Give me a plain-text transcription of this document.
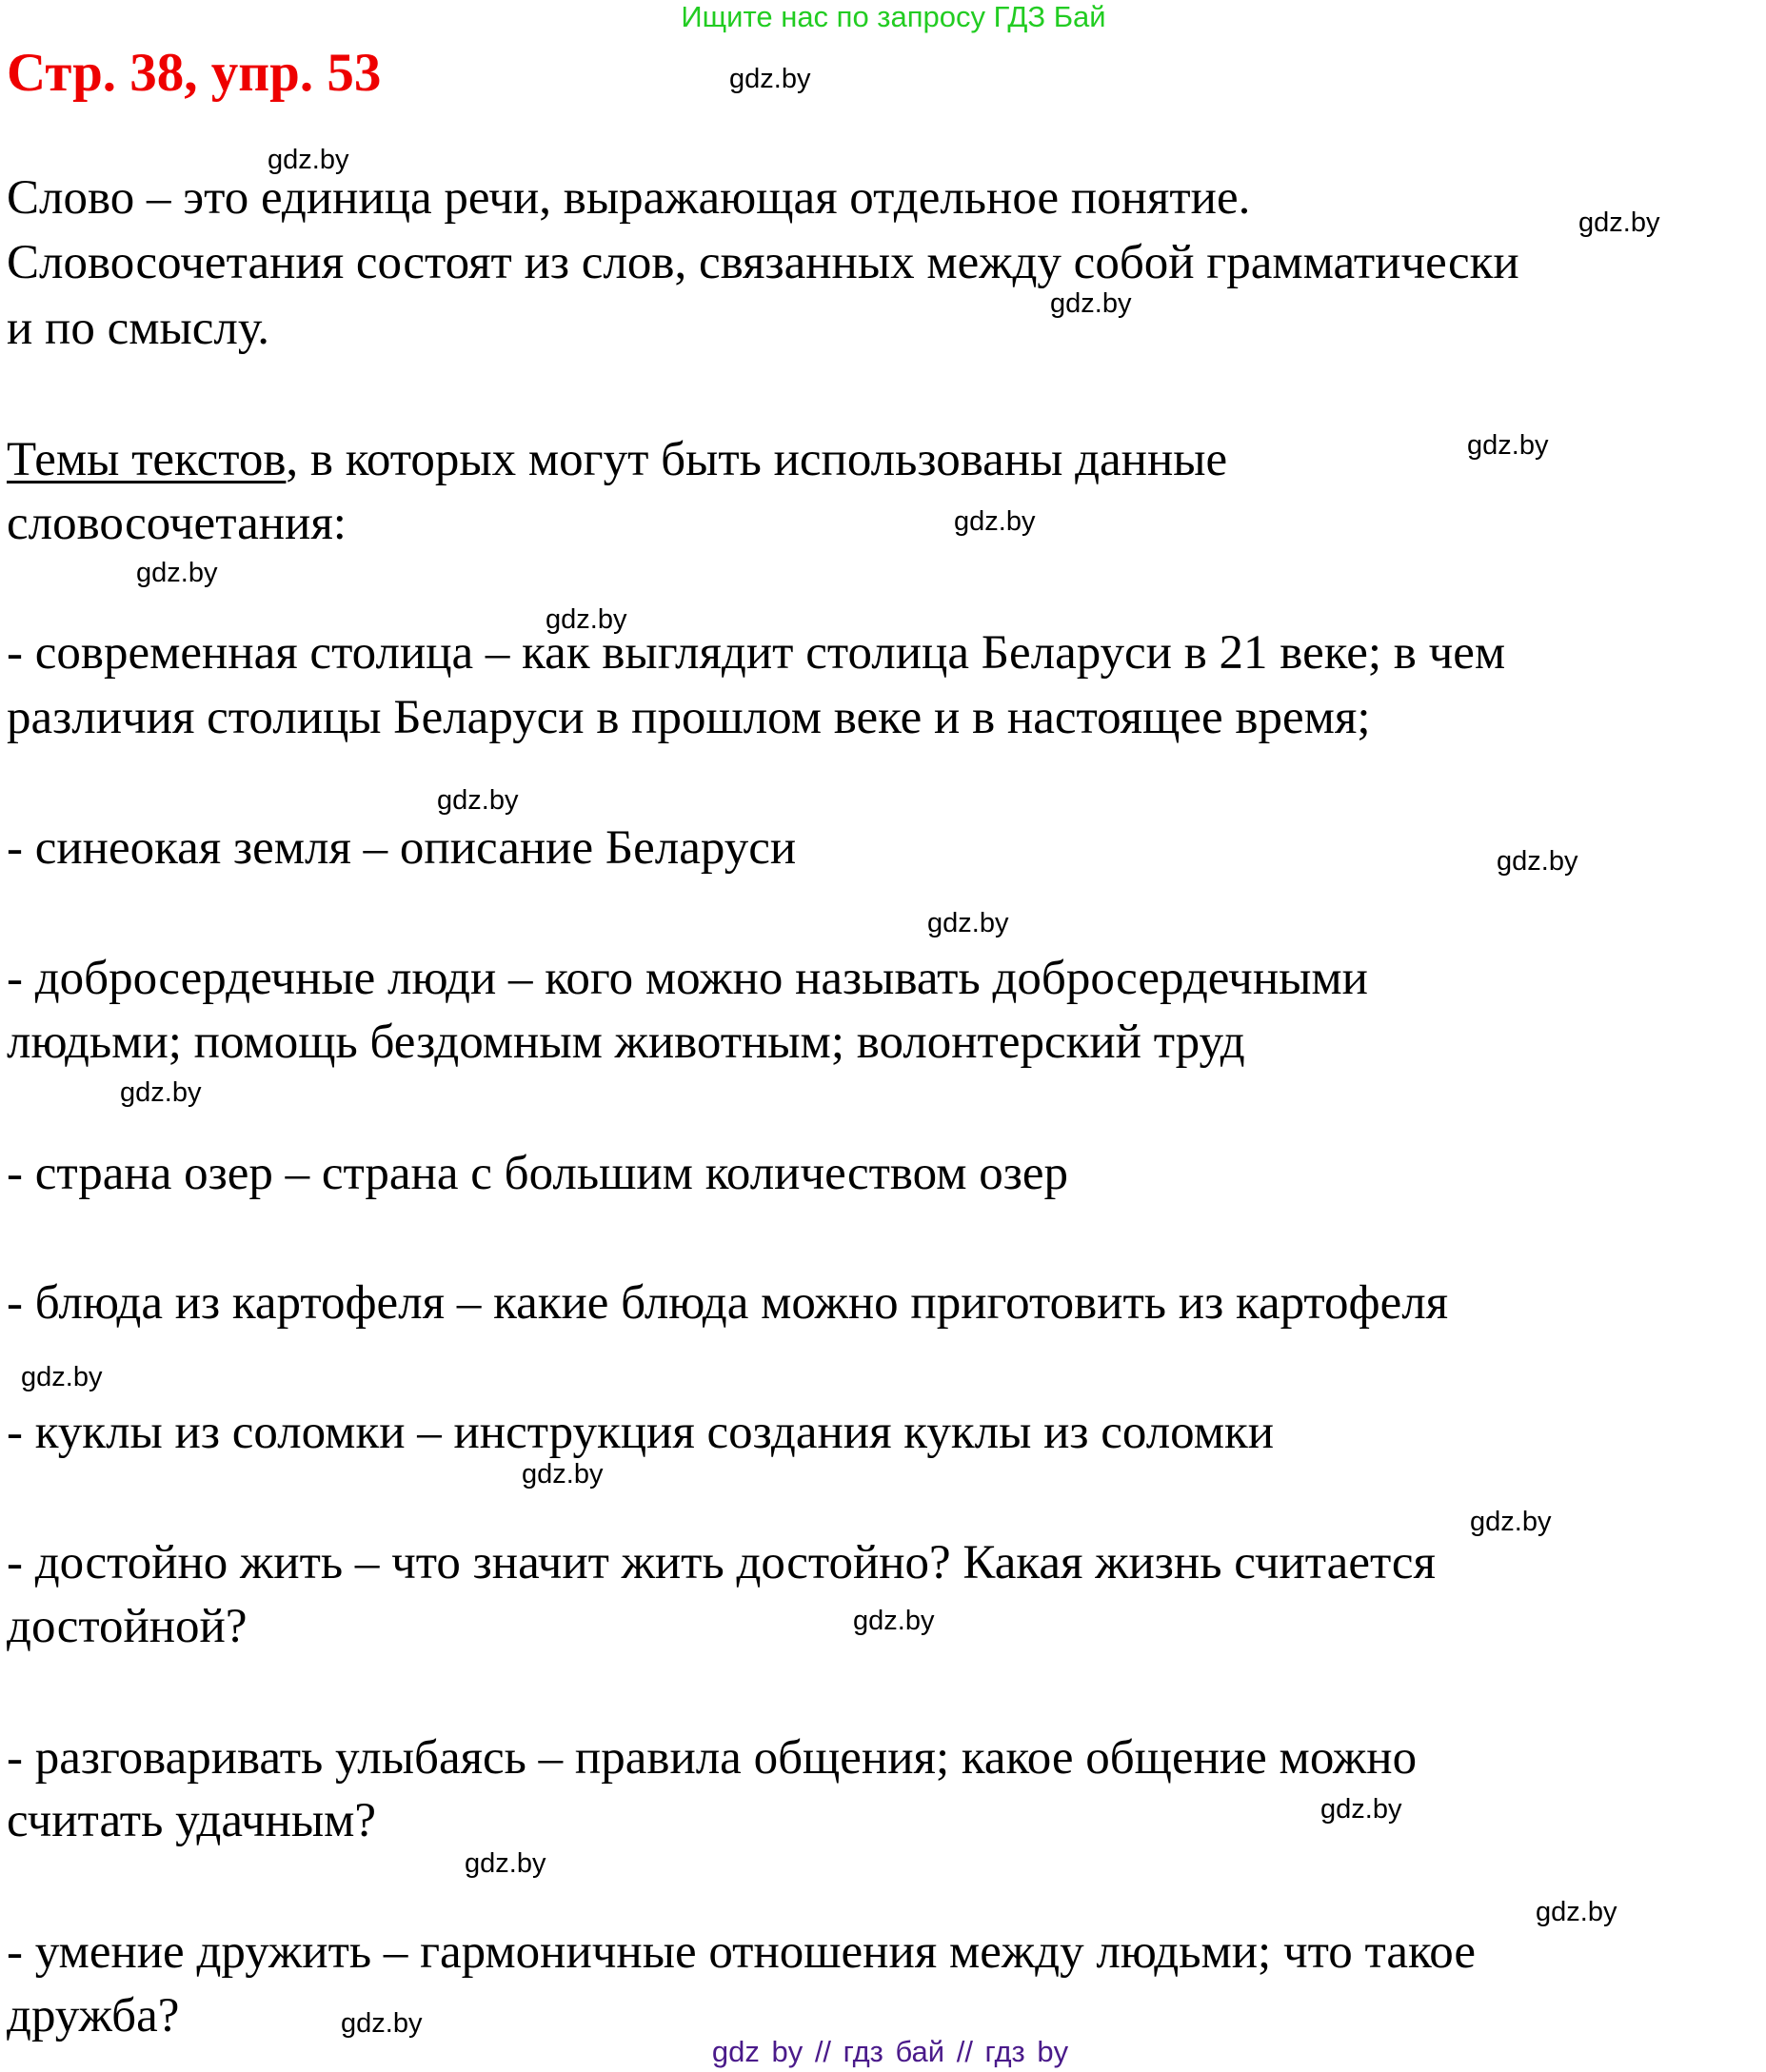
Ищите нас по запросу ГДЗ Бай
Стр. 38, упр. 53
Слово – это единица речи, выражающая отдельное понятие.
Словосочетания состоят из слов, связанных между собой грамматически
и по смыслу.
Темы текстов, в которых могут быть использованы данные
словосочетания:
- современная столица – как выглядит столица Беларуси в 21 веке; в чем
различия столицы Беларуси в прошлом веке и в настоящее время;
- синеокая земля – описание Беларуси
- добросердечные люди – кого можно называть добросердечными
людьми; помощь бездомным животным; волонтерский труд
- страна озер – страна с большим количеством озер
- блюда из картофеля – какие блюда можно приготовить из картофеля
- куклы из соломки – инструкция создания куклы из соломки
- достойно жить – что значит жить достойно? Какая жизнь считается
достойной?
- разговаривать улыбаясь – правила общения; какое общение можно
считать удачным?
- умение дружить – гармоничные отношения между людьми; что такое
дружба?
gdz.by
gdz.by
gdz.by
gdz.by
gdz.by
gdz.by
gdz.by
gdz.by
gdz.by
gdz.by
gdz.by
gdz.by
gdz.by
gdz.by
gdz.by
gdz.by
gdz.by
gdz.by
gdz.by
gdz.by
gdz by // гдз бай // гдз by
